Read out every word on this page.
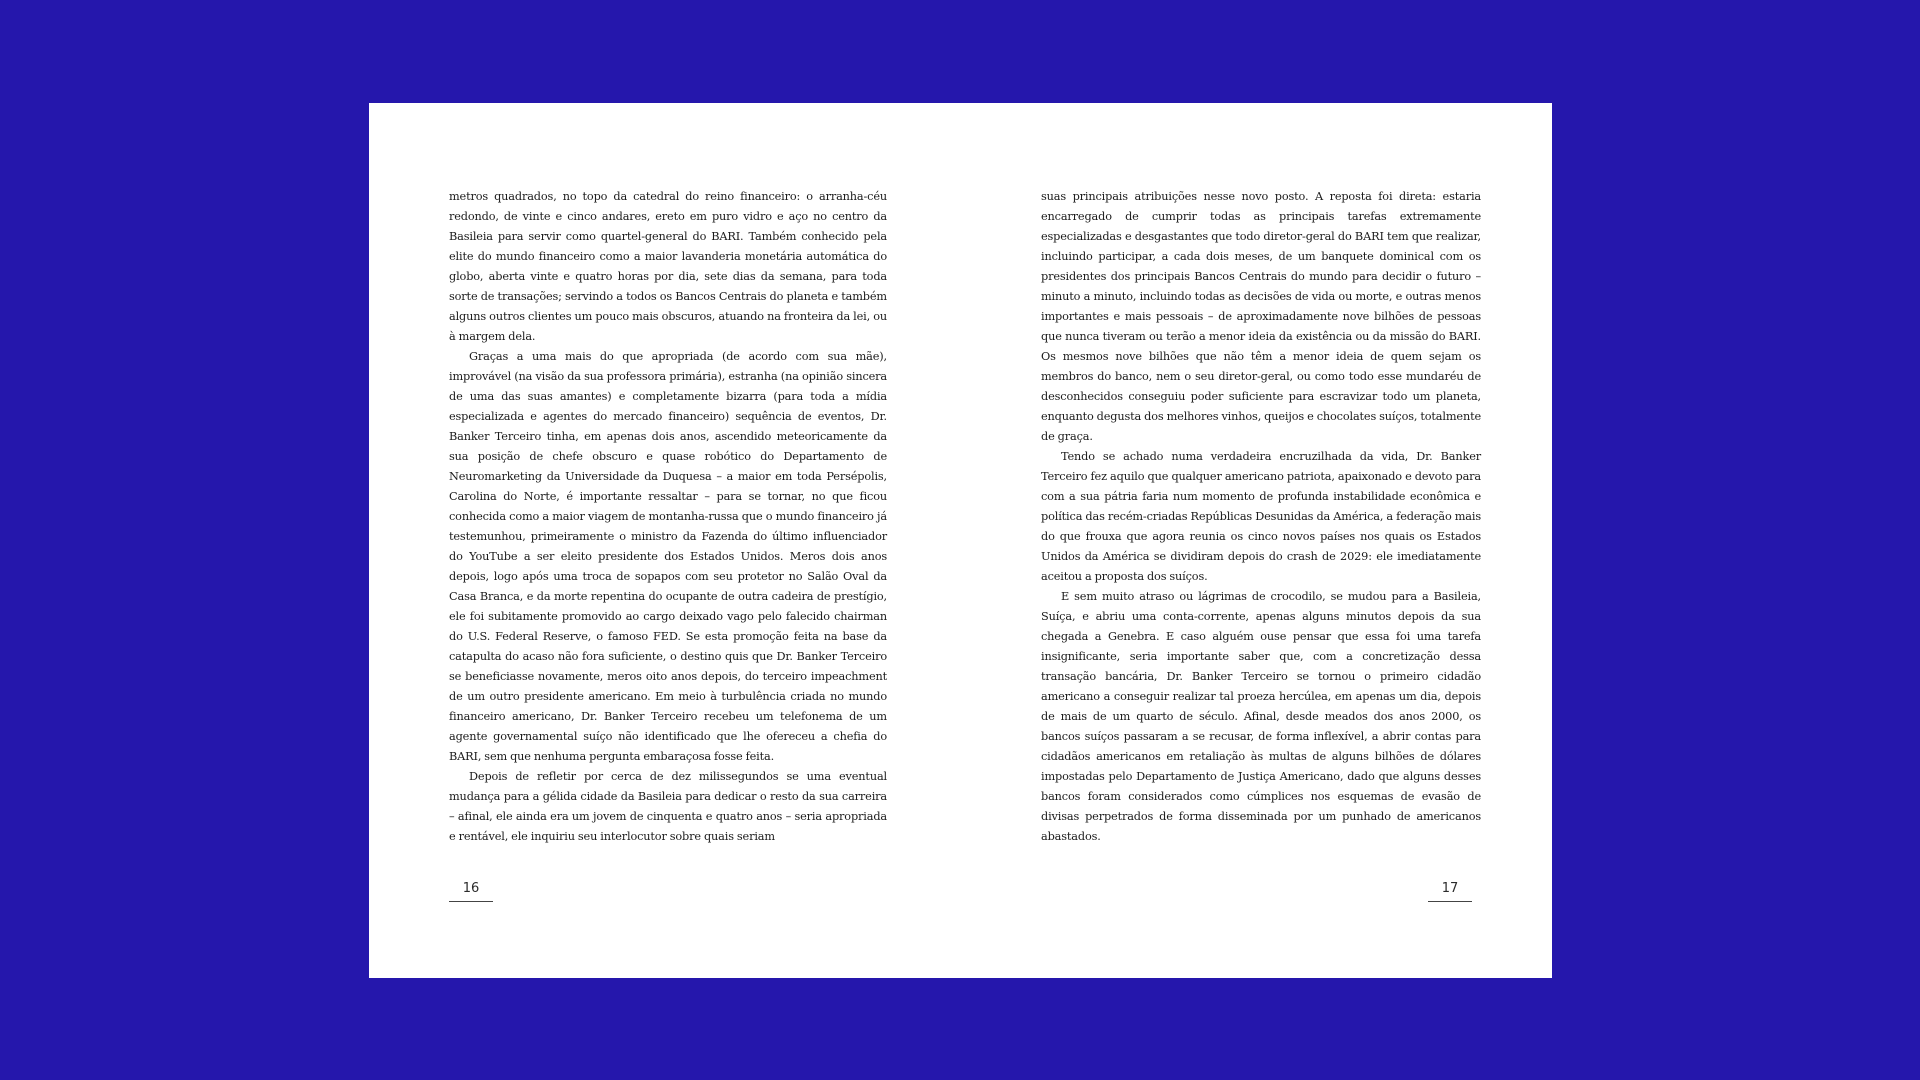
metros quadrados, no topo da catedral do reino financeiro: o arranha-céu redondo, de vinte e cinco andares, ereto em puro vidro e aço no centro da Basileia para servir como quartel-general do BARI. Também conhecido pela elite do mundo financeiro como a maior lavanderia monetária automática do globo, aberta vinte e quatro horas por dia, sete dias da semana, para toda sorte de transações; servindo a todos os Bancos Centrais do planeta e também alguns outros clientes um pouco mais obscuros, atuando na fronteira da lei, ou à margem dela.

Graças a uma mais do que apropriada (de acordo com sua mãe), improvável (na visão da sua professora primária), estranha (na opinião sincera de uma das suas amantes) e completamente bizarra (para toda a mídia especializada e agentes do mercado financeiro) sequência de eventos, Dr. Banker Terceiro tinha, em apenas dois anos, ascendido meteoricamente da sua posição de chefe obscuro e quase robótico do Departamento de Neuromarketing da Universidade da Duquesa – a maior em toda Persépolis, Carolina do Norte, é importante ressaltar – para se tornar, no que ficou conhecida como a maior viagem de montanha-russa que o mundo financeiro já testemunhou, primeiramente o ministro da Fazenda do último influenciador do YouTube a ser eleito presidente dos Estados Unidos. Meros dois anos depois, logo após uma troca de sopapos com seu protetor no Salão Oval da Casa Branca, e da morte repentina do ocupante de outra cadeira de prestígio, ele foi subitamente promovido ao cargo deixado vago pelo falecido chairman do U.S. Federal Reserve, o famoso FED. Se esta promoção feita na base da catapulta do acaso não fora suficiente, o destino quis que Dr. Banker Terceiro se beneficiasse novamente, meros oito anos depois, do terceiro impeachment de um outro presidente americano. Em meio à turbulência criada no mundo financeiro americano, Dr. Banker Terceiro recebeu um telefonema de um agente governamental suíço não identificado que lhe ofereceu a chefia do BARI, sem que nenhuma pergunta embaraçosa fosse feita.

Depois de refletir por cerca de dez milissegundos se uma eventual mudança para a gélida cidade da Basileia para dedicar o resto da sua carreira – afinal, ele ainda era um jovem de cinquenta e quatro anos – seria apropriada e rentável, ele inquiriu seu interlocutor sobre quais seriam

suas principais atribuições nesse novo posto. A reposta foi direta: estaria encarregado de cumprir todas as principais tarefas extremamente especializadas e desgastantes que todo diretor-geral do BARI tem que realizar, incluindo participar, a cada dois meses, de um banquete dominical com os presidentes dos principais Bancos Centrais do mundo para decidir o futuro – minuto a minuto, incluindo todas as decisões de vida ou morte, e outras menos importantes e mais pessoais – de aproximadamente nove bilhões de pessoas que nunca tiveram ou terão a menor ideia da existência ou da missão do BARI. Os mesmos nove bilhões que não têm a menor ideia de quem sejam os membros do banco, nem o seu diretor-geral, ou como todo esse mundaréu de desconhecidos conseguiu poder suficiente para escravizar todo um planeta, enquanto degusta dos melhores vinhos, queijos e chocolates suíços, totalmente de graça.

Tendo se achado numa verdadeira encruzilhada da vida, Dr. Banker Terceiro fez aquilo que qualquer americano patriota, apaixonado e devoto para com a sua pátria faria num momento de profunda instabilidade econômica e política das recém-criadas Repúblicas Desunidas da América, a federação mais do que frouxa que agora reunia os cinco novos países nos quais os Estados Unidos da América se dividiram depois do crash de 2029: ele imediatamente aceitou a proposta dos suíços.

E sem muito atraso ou lágrimas de crocodilo, se mudou para a Basileia, Suíça, e abriu uma conta-corrente, apenas alguns minutos depois da sua chegada a Genebra. E caso alguém ouse pensar que essa foi uma tarefa insignificante, seria importante saber que, com a concretização dessa transação bancária, Dr. Banker Terceiro se tornou o primeiro cidadão americano a conseguir realizar tal proeza hercúlea, em apenas um dia, depois de mais de um quarto de século. Afinal, desde meados dos anos 2000, os bancos suíços passaram a se recusar, de forma inflexível, a abrir contas para cidadãos americanos em retaliação às multas de alguns bilhões de dólares impostadas pelo Departamento de Justiça Americano, dado que alguns desses bancos foram considerados como cúmplices nos esquemas de evasão de divisas perpetrados de forma disseminada por um punhado de americanos abastados.

16	17
